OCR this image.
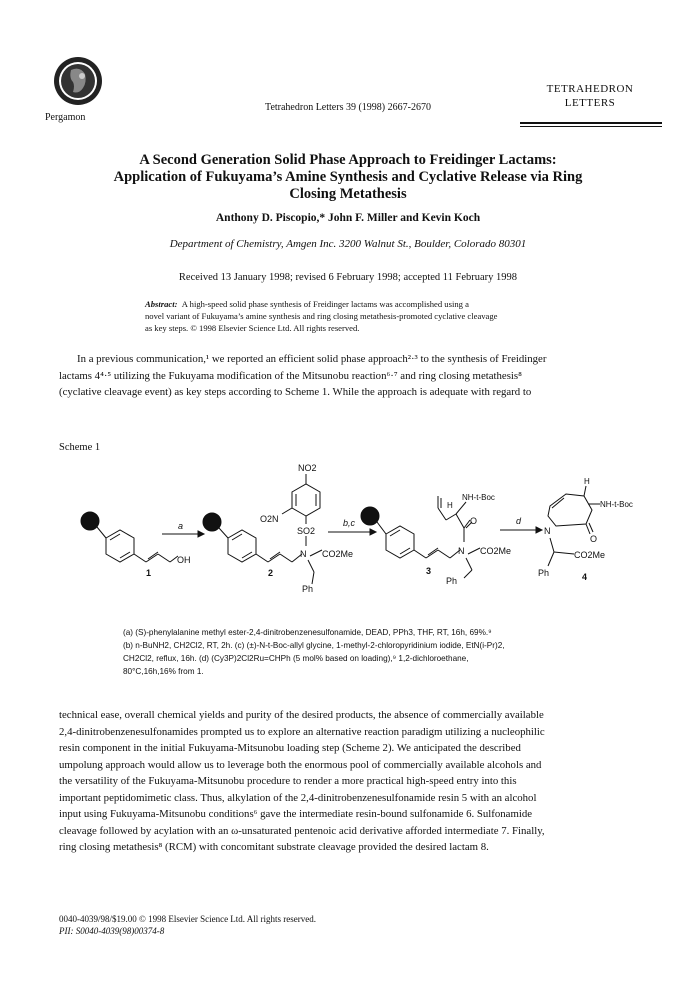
Pergamon
Tetrahedron Letters 39 (1998) 2667-2670
TETRAHEDRON
LETTERS
A Second Generation Solid Phase Approach to Freidinger Lactams:
Application of Fukuyama’s Amine Synthesis and Cyclative Release via Ring
Closing Metathesis
Anthony D. Piscopio,* John F. Miller and Kevin Koch
Department of Chemistry, Amgen Inc. 3200 Walnut St., Boulder, Colorado 80301
Received 13 January 1998; revised 6 February 1998; accepted 11 February 1998
Abstract: A high-speed solid phase synthesis of Freidinger lactams was accomplished using a
novel variant of Fukuyama’s amine synthesis and ring closing metathesis-promoted cyclative cleavage
as key steps. © 1998 Elsevier Science Ltd. All rights reserved.
In a previous communication,¹ we reported an efficient solid phase approach²·³ to the synthesis of Freidinger
lactams 4⁴·⁵ utilizing the Fukuyama modification of the Mitsunobu reaction⁶·⁷ and ring closing metathesis⁸
(cyclative cleavage event) as key steps according to Scheme 1. While the approach is adequate with regard to
Scheme 1
OH
1
a
N
SO2
NO2
O2N
CO2Me
Ph
2
b,c
N
O
H
NH-t-Boc
CO2Me
Ph
3
d
H
NH-t-Boc
O
N
CO2Me
Ph	4
(a) (S)-phenylalanine methyl ester-2,4-dinitrobenzenesulfonamide, DEAD, PPh3, THF, RT, 16h, 69%.⁹
(b) n-BuNH2, CH2Cl2, RT, 2h. (c) (±)-N-t-Boc-allyl glycine, 1-methyl-2-chloropyridinium iodide, EtN(i-Pr)2,
CH2Cl2, reflux, 16h. (d) (Cy3P)2Cl2Ru=CHPh (5 mol% based on loading),⁹ 1,2-dichloroethane,
80°C,16h,16% from 1.
technical ease, overall chemical yields and purity of the desired products, the absence of commercially available
2,4-dinitrobenzenesulfonamides prompted us to explore an alternative reaction paradigm utilizing a nucleophilic
resin component in the initial Fukuyama-Mitsunobu loading step (Scheme 2). We anticipated the described
umpolung approach would allow us to leverage both the enormous pool of commercially available alcohols and
the versatility of the Fukuyama-Mitsunobu procedure to render a more practical high-speed entry into this
important peptidomimetic class. Thus, alkylation of the 2,4-dinitrobenzenesulfonamide resin 5 with an alcohol
input using Fukuyama-Mitsunobu conditions⁶ gave the intermediate resin-bound sulfonamide 6. Sulfonamide
cleavage followed by acylation with an ω-unsaturated pentenoic acid derivative afforded intermediate 7. Finally,
ring closing metathesis⁸ (RCM) with concomitant substrate cleavage provided the desired lactam 8.
0040-4039/98/$19.00 © 1998 Elsevier Science Ltd. All rights reserved.
PII: S0040-4039(98)00374-8
